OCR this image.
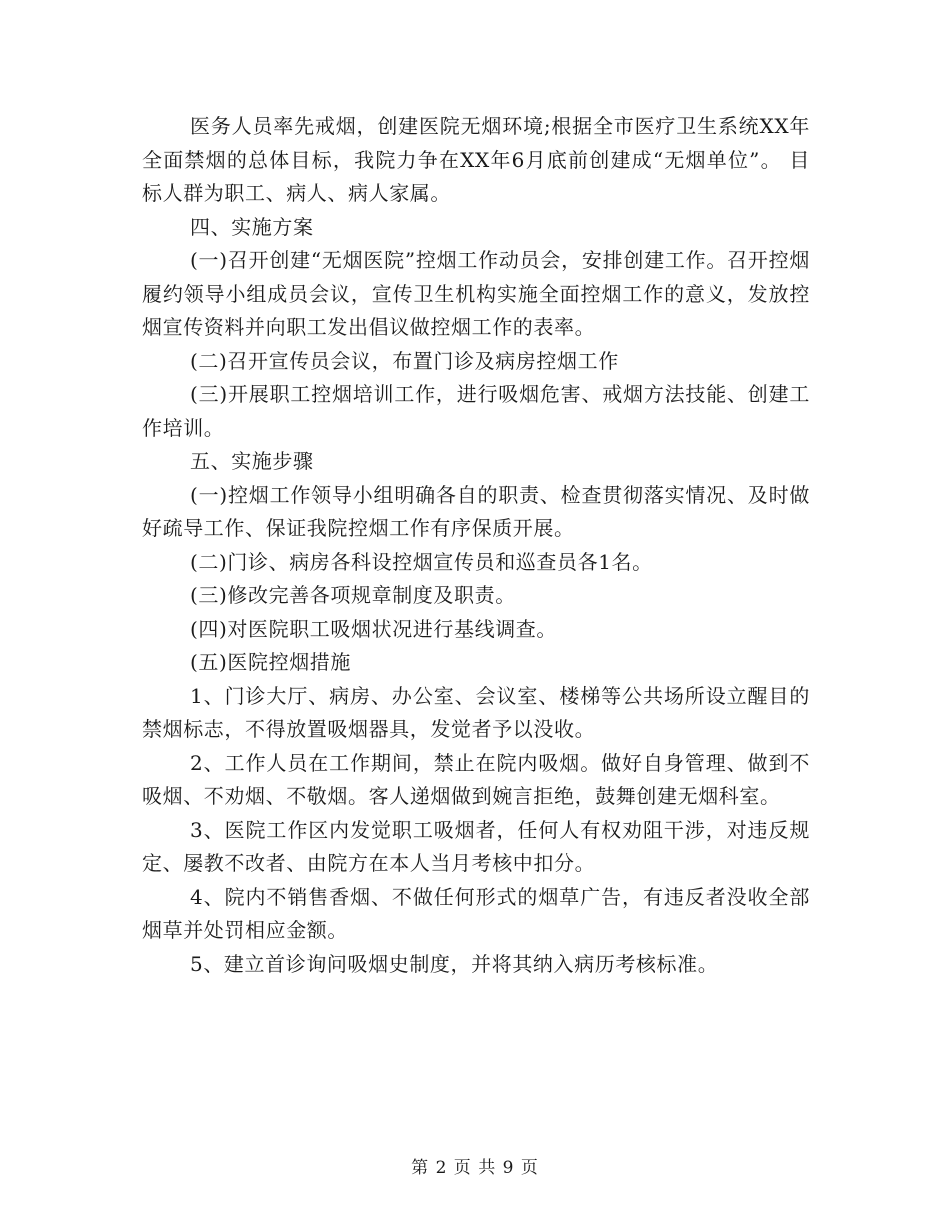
医务人员率先戒烟，创建医院无烟环境;根据全市医疗卫生系统XX年全面禁烟的总体目标，我院力争在XX年6月底前创建成“无烟单位”。 目标人群为职工、病人、病人家属。

四、实施方案

(一)召开创建“无烟医院”控烟工作动员会，安排创建工作。召开控烟履约领导小组成员会议，宣传卫生机构实施全面控烟工作的意义，发放控烟宣传资料并向职工发出倡议做控烟工作的表率。

(二)召开宣传员会议，布置门诊及病房控烟工作

(三)开展职工控烟培训工作，进行吸烟危害、戒烟方法技能、创建工作培训。

五、实施步骤

(一)控烟工作领导小组明确各自的职责、检查贯彻落实情况、及时做好疏导工作、保证我院控烟工作有序保质开展。

(二)门诊、病房各科设控烟宣传员和巡查员各1名。

(三)修改完善各项规章制度及职责。

(四)对医院职工吸烟状况进行基线调查。

(五)医院控烟措施

1、门诊大厅、病房、办公室、会议室、楼梯等公共场所设立醒目的禁烟标志，不得放置吸烟器具，发觉者予以没收。

2、工作人员在工作期间，禁止在院内吸烟。做好自身管理、做到不吸烟、不劝烟、不敬烟。客人递烟做到婉言拒绝，鼓舞创建无烟科室。

3、医院工作区内发觉职工吸烟者，任何人有权劝阻干涉，对违反规定、屡教不改者、由院方在本人当月考核中扣分。

4、院内不销售香烟、不做任何形式的烟草广告，有违反者没收全部烟草并处罚相应金额。

5、建立首诊询问吸烟史制度，并将其纳入病历考核标准。

第 2 页 共 9 页
